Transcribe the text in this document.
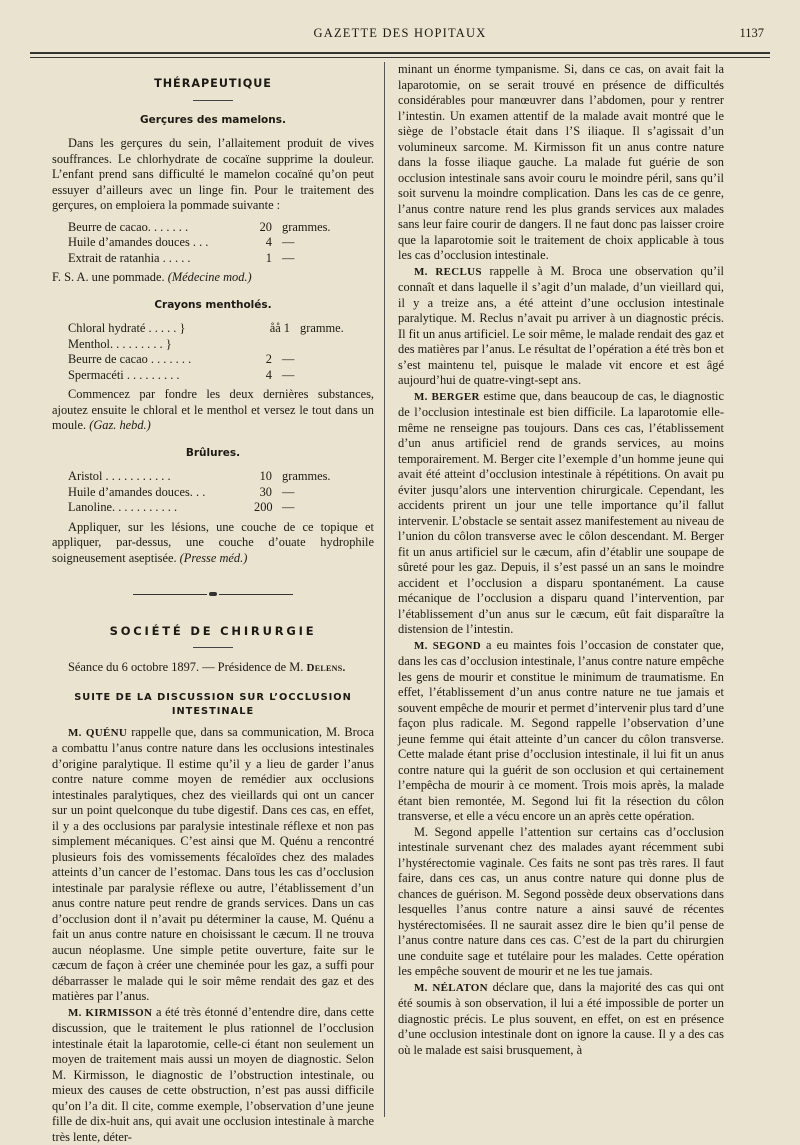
GAZETTE DES HOPITAUX	1137
THÉRAPEUTIQUE
Gerçures des mamelons.

Dans les gerçures du sein, l’allaitement produit de vives souffrances. Le chlorhydrate de cocaïne supprime la douleur. L’enfant prend sans difficulté le mamelon cocaïné qu’on peut essuyer d’ailleurs avec un linge fin. Pour le traitement des gerçures, on emploiera la pommade suivante :

Beurre de cacao. . . . . . .	20 grammes.
Huile d’amandes douces . . .	4 —
Extrait de ratanhia . . . . .	1 —

F. S. A. une pommade. (Médecine mod.)

Crayons mentholés.
Chloral hydraté . . . . . }	åå 1 gramme.
Menthol. . . . . . . . . }
Beurre de cacao . . . . . . .	2 —
Spermacéti . . . . . . . . .	4 —

Commencez par fondre les deux dernières substances, ajoutez ensuite le chloral et le menthol et versez le tout dans un moule. (Gaz. hebd.)

Brûlures.
Aristol . . . . . . . . . . .	10 grammes.
Huile d’amandes douces. . .	30 —
Lanoline. . . . . . . . . . .	200 —

Appliquer, sur les lésions, une couche de ce topique et appliquer, par-dessus, une couche d’ouate hydrophile soigneusement aseptisée. (Presse méd.)

SOCIÉTÉ DE CHIRURGIE

Séance du 6 octobre 1897. — Présidence de M. Delens.

SUITE DE LA DISCUSSION SUR L’OCCLUSION
INTESTINALE

M. QUÉNU rappelle que, dans sa communication, M. Broca a combattu l’anus contre nature dans les occlusions intestinales d’origine paralytique. Il estime qu’il y a lieu de garder l’anus contre nature comme moyen de remédier aux occlusions intestinales paralytiques, chez des vieillards qui ont un cancer sur un point quelconque du tube digestif. Dans ces cas, en effet, il y a des occlusions par paralysie intestinale réflexe et non pas simplement mécaniques. C’est ainsi que M. Quénu a rencontré plusieurs fois des vomissements fécaloïdes chez des malades atteints d’un cancer de l’estomac. Dans tous les cas d’occlusion intestinale par paralysie réflexe ou autre, l’établissement d’un anus contre nature peut rendre de grands services. Dans un cas d’occlusion dont il n’avait pu déterminer la cause, M. Quénu a fait un anus contre nature en choisissant le cæcum. Il ne trouva aucun néoplasme. Une simple petite ouverture, faite sur le cæcum de façon à créer une cheminée pour les gaz, a suffi pour débarrasser le malade qui le soir même rendait des gaz et des matières par l’anus.

M. KIRMISSON a été très étonné d’entendre dire, dans cette discussion, que le traitement le plus rationnel de l’occlusion intestinale était la laparotomie, celle-ci étant non seulement un moyen de traitement mais aussi un moyen de diagnostic. Selon M. Kirmisson, le diagnostic de l’obstruction intestinale, ou mieux des causes de cette obstruction, n’est pas aussi difficile qu’on l’a dit. Il cite, comme exemple, l’observation d’une jeune fille de dix-huit ans, qui avait une occlusion intestinale à marche très lente, déter-

minant un énorme tympanisme. Si, dans ce cas, on avait fait la laparotomie, on se serait trouvé en présence de difficultés considérables pour manœuvrer dans l’abdomen, pour y rentrer l’intestin. Un examen attentif de la malade avait montré que le siège de l’obstacle était dans l’S iliaque. Il s’agissait d’un volumineux sarcome. M. Kirmisson fit un anus contre nature dans la fosse iliaque gauche. La malade fut guérie de son occlusion intestinale sans avoir couru le moindre péril, sans qu’il soit survenu la moindre complication. Dans les cas de ce genre, l’anus contre nature rend les plus grands services aux malades sans leur faire courir de dangers. Il ne faut donc pas laisser croire que la laparotomie soit le traitement de choix applicable à tous les cas d’occlusion intestinale.

M. RECLUS rappelle à M. Broca une observation qu’il connaît et dans laquelle il s’agit d’un malade, d’un vieillard qui, il y a treize ans, a été atteint d’une occlusion intestinale paralytique. M. Reclus n’avait pu arriver à un diagnostic précis. Il fit un anus artificiel. Le soir même, le malade rendait des gaz et des matières par l’anus. Le résultat de l’opération a été très bon et s’est maintenu tel, puisque le malade vit encore et est âgé aujourd’hui de quatre-vingt-sept ans.

M. BERGER estime que, dans beaucoup de cas, le diagnostic de l’occlusion intestinale est bien difficile. La laparotomie elle-même ne renseigne pas toujours. Dans ces cas, l’établissement d’un anus artificiel rend de grands services, au moins temporairement. M. Berger cite l’exemple d’un homme jeune qui avait été atteint d’occlusion intestinale à répétitions. On avait pu éviter jusqu’alors une intervention chirurgicale. Cependant, les accidents prirent un jour une telle importance qu’il fallut intervenir. L’obstacle se sentait assez manifestement au niveau de l’union du côlon transverse avec le côlon descendant. M. Berger fit un anus artificiel sur le cæcum, afin d’établir une soupape de sûreté pour les gaz. Depuis, il s’est passé un an sans le moindre accident et l’occlusion a disparu spontanément. La cause mécanique de l’occlusion a disparu quand l’intervention, par l’établissement d’un anus sur le cæcum, eût fait disparaître la distension de l’intestin.

M. SEGOND a eu maintes fois l’occasion de constater que, dans les cas d’occlusion intestinale, l’anus contre nature empêche les gens de mourir et constitue le minimum de traumatisme. En effet, l’établissement d’un anus contre nature ne tue jamais et souvent empêche de mourir et permet d’intervenir plus tard d’une façon plus radicale. M. Segond rappelle l’observation d’une jeune femme qui était atteinte d’un cancer du côlon transverse. Cette malade étant prise d’occlusion intestinale, il lui fit un anus contre nature qui la guérit de son occlusion et qui certainement l’empêcha de mourir à ce moment. Trois mois après, la malade étant bien remontée, M. Segond lui fit la résection du côlon transverse, et elle a vécu encore un an après cette opération.

M. Segond appelle l’attention sur certains cas d’occlusion intestinale survenant chez des malades ayant récemment subi l’hystérectomie vaginale. Ces faits ne sont pas très rares. Il faut faire, dans ces cas, un anus contre nature qui donne plus de chances de guérison. M. Segond possède deux observations dans lesquelles l’anus contre nature a ainsi sauvé de récentes hystérectomisées. Il ne saurait assez dire le bien qu’il pense de l’anus contre nature dans ces cas. C’est de la part du chirurgien une conduite sage et tutélaire pour les malades. Cette opération les empêche souvent de mourir et ne les tue jamais.

M. NÉLATON déclare que, dans la majorité des cas qui ont été soumis à son observation, il lui a été impossible de porter un diagnostic précis. Le plus souvent, en effet, on est en présence d’une occlusion intestinale dont on ignore la cause. Il y a des cas où le malade est saisi brusquement, à
